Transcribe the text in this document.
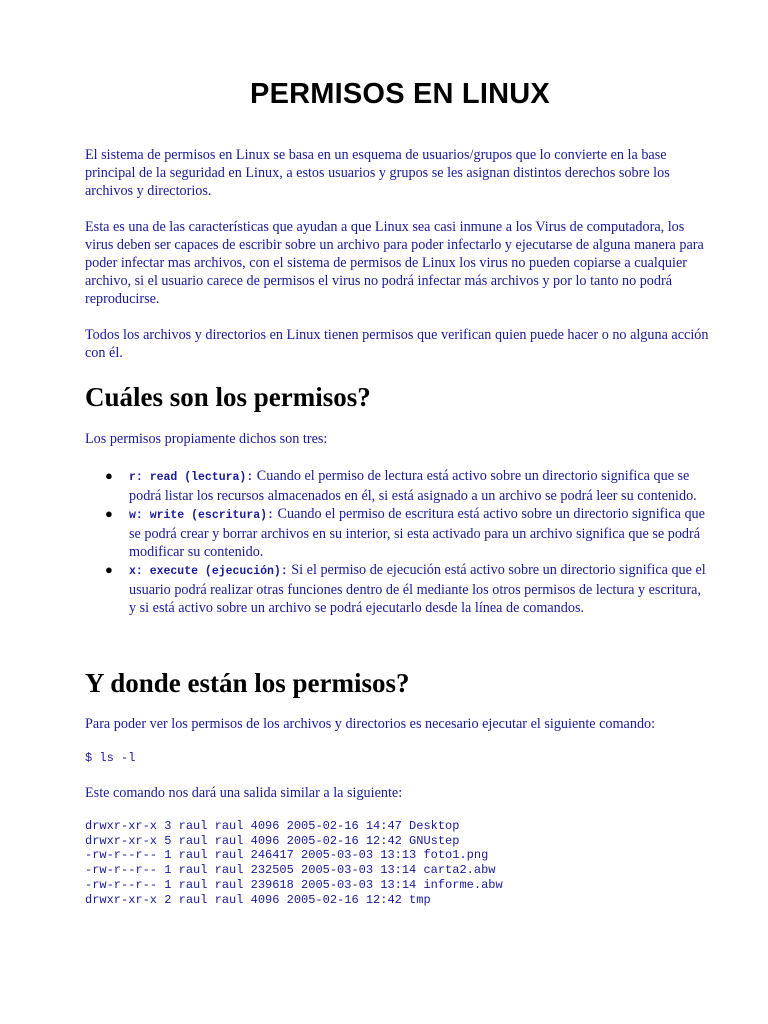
PERMISOS EN LINUX

El sistema de permisos en Linux se basa en un esquema de usuarios/grupos que lo convierte en la base principal de la seguridad en Linux, a estos usuarios y grupos se les asignan distintos derechos sobre los archivos y directorios.

Esta es una de las características que ayudan a que Linux sea casi inmune a los Virus de computadora, los virus deben ser capaces de escribir sobre un archivo para poder infectarlo y ejecutarse de alguna manera para poder infectar mas archivos, con el sistema de permisos de Linux los virus no pueden copiarse a cualquier archivo, si el usuario carece de permisos el virus no podrá infectar más archivos y por lo tanto no podrá reproducirse.

Todos los archivos y directorios en Linux tienen permisos que verifican quien puede hacer o no alguna acción con él.

Cuáles son los permisos?

Los permisos propiamente dichos son tres:

● r: read (lectura): Cuando el permiso de lectura está activo sobre un directorio significa que se podrá listar los recursos almacenados en él, si está asignado a un archivo se podrá leer su contenido.
● w: write (escritura): Cuando el permiso de escritura está activo sobre un directorio significa que se podrá crear y borrar archivos en su interior, si esta activado para un archivo significa que se podrá modificar su contenido.
● x: execute (ejecución): Si el permiso de ejecución está activo sobre un directorio significa que el usuario podrá realizar otras funciones dentro de él mediante los otros permisos de lectura y escritura, y si está activo sobre un archivo se podrá ejecutarlo desde la línea de comandos.
Y donde están los permisos?

Para poder ver los permisos de los archivos y directorios es necesario ejecutar el siguiente comando:

$ ls -l

Este comando nos dará una salida similar a la siguiente:

drwxr-xr-x 3 raul raul 4096 2005-02-16 14:47 Desktop
drwxr-xr-x 5 raul raul 4096 2005-02-16 12:42 GNUstep
-rw-r--r-- 1 raul raul 246417 2005-03-03 13:13 foto1.png
-rw-r--r-- 1 raul raul 232505 2005-03-03 13:14 carta2.abw
-rw-r--r-- 1 raul raul 239618 2005-03-03 13:14 informe.abw
drwxr-xr-x 2 raul raul 4096 2005-02-16 12:42 tmp
